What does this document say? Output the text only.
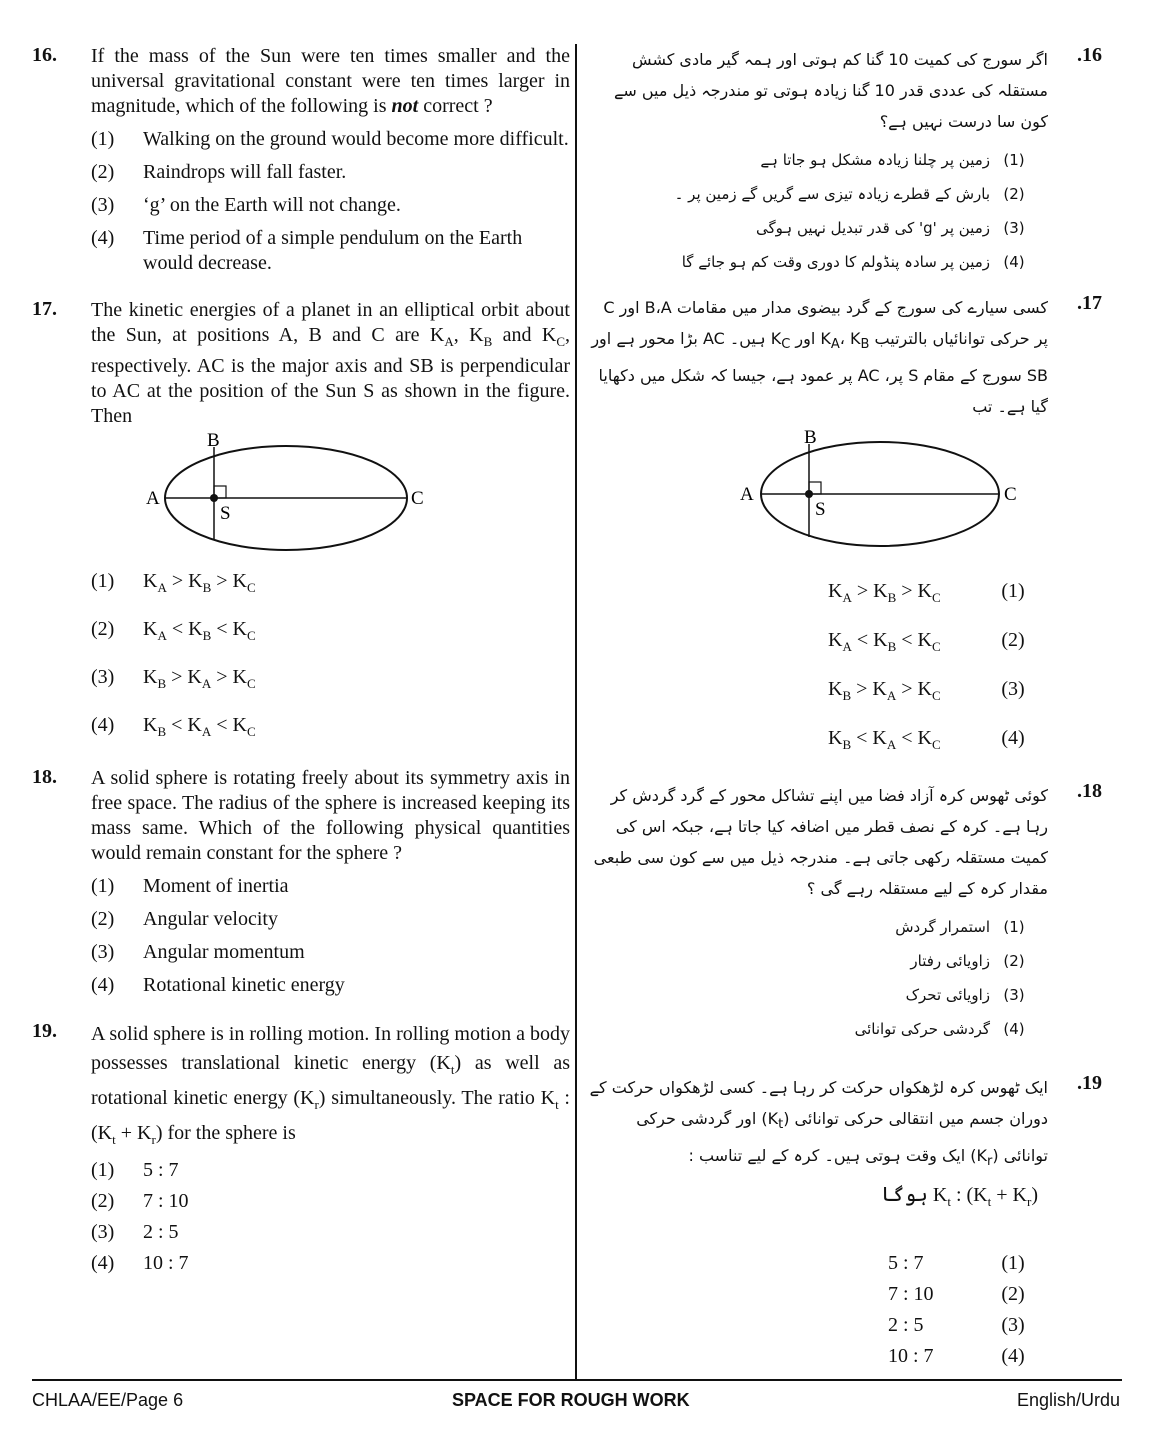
16. If the mass of the Sun were ten times smaller and the universal gravitational constant were ten times larger in magnitude, which of the following is not correct ?
(1)	Walking on the ground would become more difficult.
(2)	Raindrops will fall faster.
(3)	‘g’ on the Earth will not change.
(4)	Time period of a simple pendulum on the Earth would decrease.
17. The kinetic energies of a planet in an elliptical orbit about the Sun, at positions A, B and C are $K_A$, $K_B$ and $K_C$, respectively. AC is the major axis and SB is perpendicular to AC at the position of the Sun S as shown in the figure. Then
A
B
C
S
(1)	$K_A > K_B > K_C$
(2)	$K_A < K_B < K_C$
(3)	$K_B > K_A > K_C$
(4)	$K_B < K_A < K_C$
18. A solid sphere is rotating freely about its symmetry axis in free space. The radius of the sphere is increased keeping its mass same. Which of the following physical quantities would remain constant for the sphere ?
(1)	Moment of inertia
(2)	Angular velocity
(3)	Angular momentum
(4)	Rotational kinetic energy
19. A solid sphere is in rolling motion. In rolling motion a body possesses translational kinetic energy $(K_t)$ as well as rotational kinetic energy $(K_r)$ simultaneously. The ratio $K_t$ : $(K_t + K_r)$ for the sphere is
(1)	5 : 7
(2)	7 : 10
(3)	2 : 5
(4)	10 : 7
.16
اگر سورج کی کمیت 10 گنا کم ہوتی اور ہمہ گیر مادی کشش مستقلہ کی عددی قدر 10 گنا زیادہ ہوتی تو مندرجہ ذیل میں سے کون سا درست نہیں ہے؟
(1)
زمین پر چلنا زیادہ مشکل ہو جاتا ہے
(2)
بارش کے قطرے زیادہ تیزی سے گریں گے زمین پر ۔
(3)
زمین پر 'g' کی قدر تبدیل نہیں ہوگی
(4)
زمین پر سادہ پنڈولم کا دوری وقت کم ہو جائے گا
.17
کسی سیارے کی سورج کے گرد بیضوی مدار میں مقامات B،A اور C پر حرکی توانائیاں بالترتیب $K_A،$ $K_B$ اور $K_C$ ہیں۔ AC بڑا محور ہے اور SB سورج کے مقام S پر، AC پر عمود ہے، جیسا کہ شکل میں دکھایا گیا ہے۔ تب
A
B
C
S
$K_A > K_B > K_C$	(1)
$K_A < K_B < K_C$	(2)
$K_B > K_A > K_C$	(3)
$K_B < K_A < K_C$	(4)
.18
کوئی ٹھوس کرہ آزاد فضا میں اپنے تشاکل محور کے گرد گردش کر رہا ہے۔ کرہ کے نصف قطر میں اضافہ کیا جاتا ہے، جبکہ اس کی کمیت مستقلہ رکھی جاتی ہے۔ مندرجہ ذیل میں سے کون سی طبعی مقدار کرہ کے لیے مستقلہ رہے گی ؟
(1)
استمرار گردش
(2)
زاویائی رفتار
(3)
زاویائی تحرک
(4)
گردشی حرکی توانائی
.19
ایک ٹھوس کرہ لڑھکواں حرکت کر رہا ہے۔ کسی لڑھکواں حرکت کے دوران جسم میں انتقالی حرکی توانائی $(K_t)$ اور گردشی حرکی توانائی $(K_r)$ ایک وقت ہوتی ہیں۔ کرہ کے لیے تناسب :
$K_t$ : $(K_t + K_r)$ ہوگا
5 : 7	(1)
7 : 10	(2)
2 : 5	(3)
10 : 7	(4)
CHLAA/EE/Page 6	SPACE FOR ROUGH WORK	English/Urdu
